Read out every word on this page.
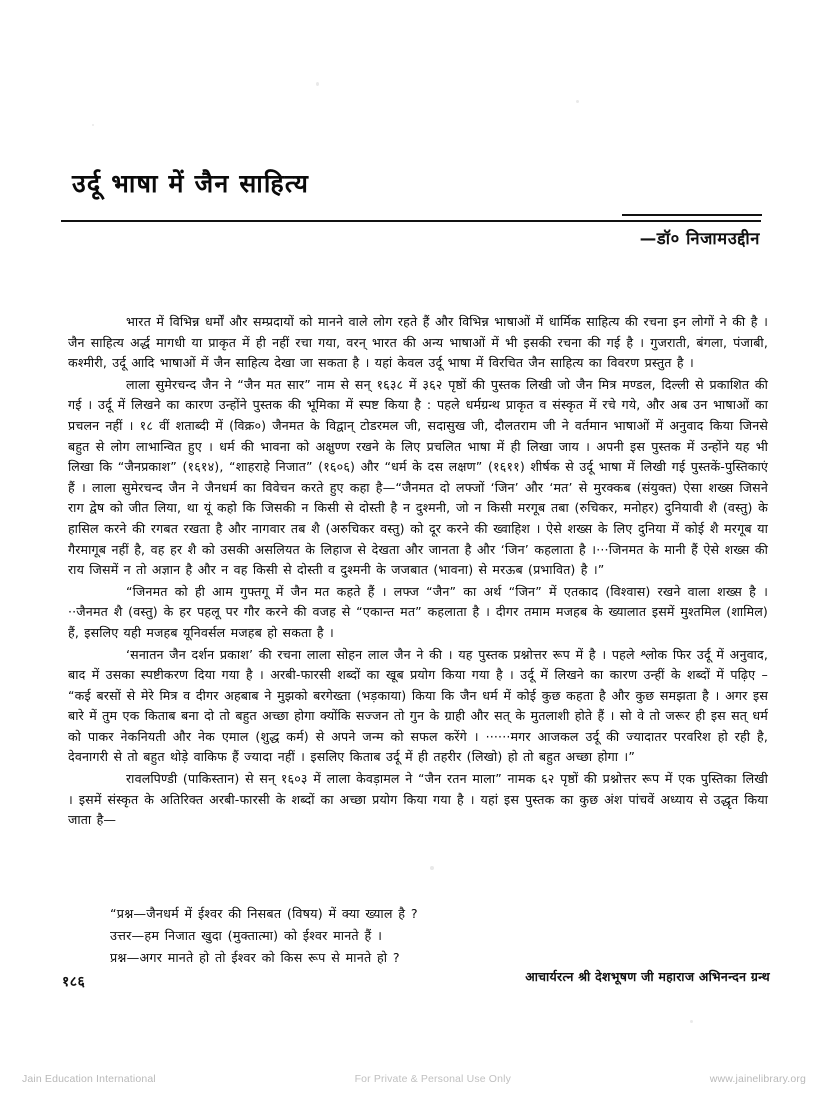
उर्दू भाषा में जैन साहित्य
—डॉ० निजामउद्दीन

भारत में विभिन्न धर्मों और सम्प्रदायों को मानने वाले लोग रहते हैं और विभिन्न भाषाओं में धार्मिक साहित्य की रचना इन लोगों ने की है । जैन साहित्य अर्द्ध मागधी या प्राकृत में ही नहीं रचा गया, वरन् भारत की अन्य भाषाओं में भी इसकी रचना की गई है । गुजराती, बंगला, पंजाबी, कश्मीरी, उर्दू आदि भाषाओं में जैन साहित्य देखा जा सकता है । यहां केवल उर्दू भाषा में विरचित जैन साहित्य का विवरण प्रस्तुत है ।

लाला सुमेरचन्द जैन ने “जैन मत सार” नाम से सन् १६३८ में ३६२ पृष्ठों की पुस्तक लिखी जो जैन मित्र मण्डल, दिल्ली से प्रकाशित की गई । उर्दू में लिखने का कारण उन्होंने पुस्तक की भूमिका में स्पष्ट किया है : पहले धर्मग्रन्थ प्राकृत व संस्कृत में रचे गये, और अब उन भाषाओं का प्रचलन नहीं । १८ वीं शताब्दी में (विक्र०) जैनमत के विद्वान् टोडरमल जी, सदासुख जी, दौलतराम जी ने वर्तमान भाषाओं में अनुवाद किया जिनसे बहुत से लोग लाभान्वित हुए । धर्म की भावना को अक्षुण्ण रखने के लिए प्रचलित भाषा में ही लिखा जाय । अपनी इस पुस्तक में उन्होंने यह भी लिखा कि “जैनप्रकाश” (१६१४), “शाहराहे निजात” (१६०६) और “धर्म के दस लक्षण” (१६११) शीर्षक से उर्दू भाषा में लिखी गई पुस्तकें-पुस्तिकाएं हैं । लाला सुमेरचन्द जैन ने जैनधर्म का विवेचन करते हुए कहा है—“जैनमत दो लफ्जों ‘जिन’ और ‘मत’ से मुरक्कब (संयुक्त) ऐसा शख्स जिसने राग द्वेष को जीत लिया, था यूं कहो कि जिसकी न किसी से दोस्ती है न दुश्मनी, जो न किसी मरगूब तबा (रुचिकर, मनोहर) दुनियावी शै (वस्तु) के हासिल करने की रगबत रखता है और नागवार तब शै (अरुचिकर वस्तु) को दूर करने की ख्वाहिश । ऐसे शख्स के लिए दुनिया में कोई शै मरगूब या गैरमागूब नहीं है, वह हर शै को उसकी असलियत के लिहाज से देखता और जानता है और ‘जिन’ कहलाता है ।···जिनमत के मानी हैं ऐसे शख्स की राय जिसमें न तो अज्ञान है और न वह किसी से दोस्ती व दुश्मनी के जजबात (भावना) से मरऊब (प्रभावित) है ।”

“जिनमत को ही आम गुफ्तगू में जैन मत कहते हैं । लफ्ज “जैन” का अर्थ “जिन” में एतकाद (विश्वास) रखने वाला शख्स है । ··जैनमत शै (वस्तु) के हर पहलू पर गौर करने की वजह से “एकान्त मत” कहलाता है । दीगर तमाम मजहब के ख्यालात इसमें मुश्तमिल (शामिल) हैं, इसलिए यही मजहब यूनिवर्सल मजहब हो सकता है ।

‘सनातन जैन दर्शन प्रकाश’ की रचना लाला सोहन लाल जैन ने की । यह पुस्तक प्रश्नोत्तर रूप में है । पहले श्लोक फिर उर्दू में अनुवाद, बाद में उसका स्पष्टीकरण दिया गया है । अरबी-फारसी शब्दों का खूब प्रयोग किया गया है । उर्दू में लिखने का कारण उन्हीं के शब्दों में पढ़िए – “कई बरसों से मेरे मित्र व दीगर अहबाब ने मुझको बरगेख्ता (भड़काया) किया कि जैन धर्म में कोई कुछ कहता है और कुछ समझता है । अगर इस बारे में तुम एक किताब बना दो तो बहुत अच्छा होगा क्योंकि सज्जन तो गुन के ग्राही और सत् के मुतलाशी होते हैं । सो वे तो जरूर ही इस सत् धर्म को पाकर नेकनियती और नेक एमाल (शुद्ध कर्म) से अपने जन्म को सफल करेंगे । ······मगर आजकल उर्दू की ज्यादातर परवरिश हो रही है, देवनागरी से तो बहुत थोड़े वाकिफ हैं ज्यादा नहीं । इसलिए किताब उर्दू में ही तहरीर (लिखो) हो तो बहुत अच्छा होगा ।”

रावलपिण्डी (पाकिस्तान) से सन् १६०३ में लाला केवड़ामल ने “जैन रतन माला” नामक ६२ पृष्ठों की प्रश्नोत्तर रूप में एक पुस्तिका लिखी । इसमें संस्कृत के अतिरिक्त अरबी-फारसी के शब्दों का अच्छा प्रयोग किया गया है । यहां इस पुस्तक का कुछ अंश पांचवें अध्याय से उद्धृत किया जाता है—

“प्रश्न—जैनधर्म में ईश्वर की निसबत (विषय) में क्या ख्याल है ?

उत्तर—हम निजात खुदा (मुक्तात्मा) को ईश्वर मानते हैं ।

प्रश्न—अगर मानते हो तो ईश्वर को किस रूप से मानते हो ?

१८६	आचार्यरत्न श्री देशभूषण जी महाराज अभिनन्दन ग्रन्थ
Jain Education International	For Private & Personal Use Only	www.jainelibrary.org
